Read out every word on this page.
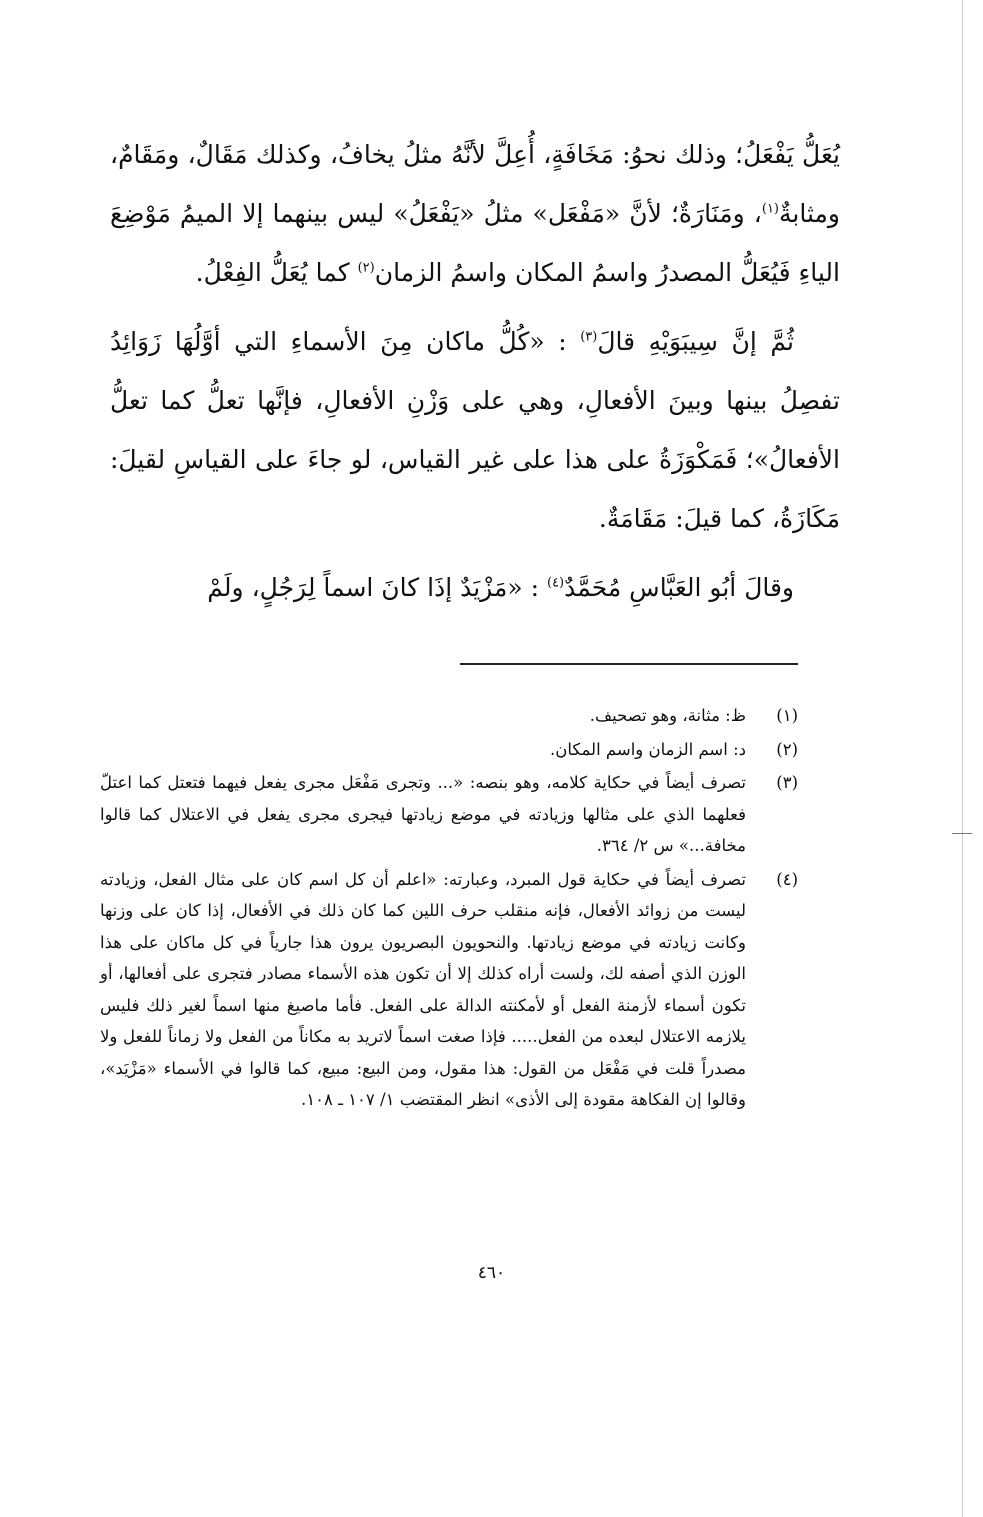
يُعَلُّ يَفْعَلُ؛ وذلك نحوُ: مَخَافَةٍ، أُعِلَّ لأنَّهُ مثلُ يخافُ، وكذلك مَقَالٌ، ومَقَامٌ، ومثابةٌ$^{(١)}$، ومَنَارَةٌ؛ لأنَّ «مَفْعَل» مثلُ «يَفْعَلُ» ليس بينهما إلا الميمُ مَوْضِعَ الياءِ فَيُعَلُّ المصدرُ واسمُ المكان واسمُ الزمان$^{(٢)}$ كما يُعَلُّ الفِعْلُ.

ثُمَّ إنَّ سِيبَوَيْهِ قالَ$^{(٣)}$ : «كُلُّ ماكان مِنَ الأسماءِ التي أوَّلُهَا زَوَائِدُ تفصِلُ بينها وبينَ الأفعالِ، وهي على وَزْنِ الأفعالِ، فإنَّها تعلُّ كما تعلُّ الأفعالُ»؛ فَمَكْوَزَةُ على هذا على غير القياس، لو جاءَ على القياسِ لقيلَ: مَكَازَةُ، كما قيلَ: مَقَامَةٌ.

وقالَ أبُو العَبَّاسِ مُحَمَّدٌ$^{(٤)}$ : «مَزْيَدٌ إذَا كانَ اسماً لِرَجُلٍ، ولَمْ

(١)
ظ: مثانة، وهو تصحيف.
(٢)
د: اسم الزمان واسم المكان.
(٣)
تصرف أيضاً في حكاية كلامه، وهو بنصه: «... وتجرى مَفْعَل مجرى يفعل فيهما فتعتل كما اعتلّ فعلهما الذي على مثالها وزيادته في موضع زيادتها فيجرى مجرى يفعل في الاعتلال كما قالوا مخافة...» س ٢/ ٣٦٤.
(٤)
تصرف أيضاً في حكاية قول المبرد، وعبارته: «اعلم أن كل اسم كان على مثال الفعل، وزيادته ليست من زوائد الأفعال، فإنه منقلب حرف اللين كما كان ذلك في الأفعال، إذا كان على وزنها وكانت زيادته في موضع زيادتها. والنحويون البصريون يرون هذا جارياً في كل ماكان على هذا الوزن الذي أصفه لك، ولست أراه كذلك إلا أن تكون هذه الأسماء مصادر فتجرى على أفعالها، أو تكون أسماء لأزمنة الفعل أو لأمكنته الدالة على الفعل. فأما ماصيغ منها اسماً لغير ذلك فليس يلازمه الاعتلال لبعده من الفعل..... فإذا صغت اسماً لاتريد به مكاناً من الفعل ولا زماناً للفعل ولا مصدراً قلت في مَفْعَل من القول: هذا مقول، ومن البيع: مبيع، كما قالوا في الأسماء «مَزْيَد»، وقالوا إن الفكاهة مقودة إلى الأذى» انظر المقتضب ١/ ١٠٧ ـ ١٠٨.
٤٦٠
